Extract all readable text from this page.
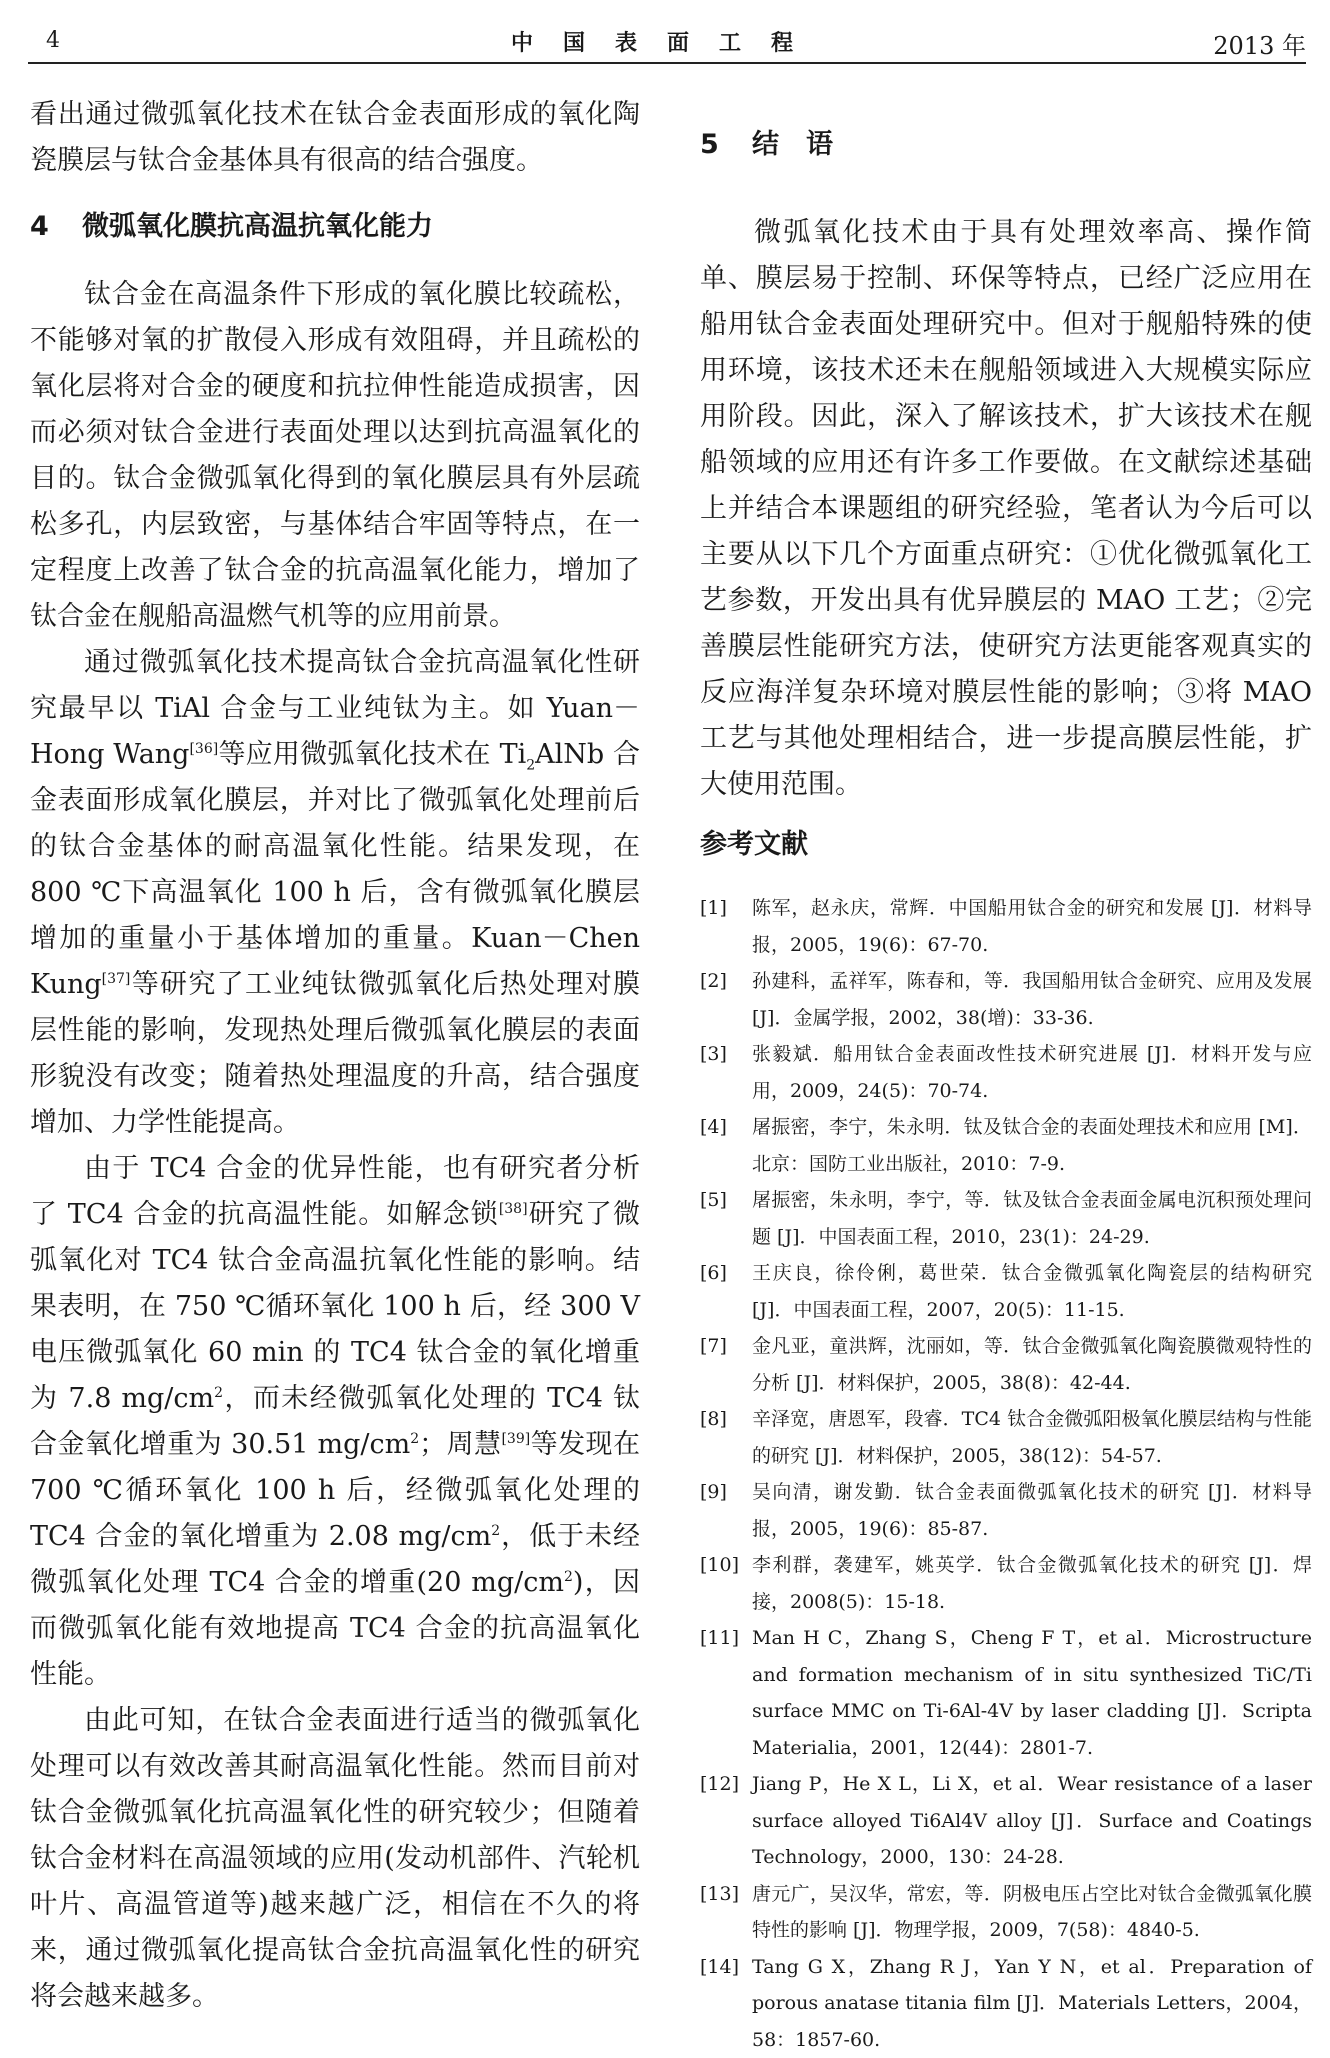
4	中国表面工程	2013 年

看出通过微弧氧化技术在钛合金表面形成的氧化陶瓷膜层与钛合金基体具有很高的结合强度。

4 微弧氧化膜抗高温抗氧化能力

钛合金在高温条件下形成的氧化膜比较疏松，不能够对氧的扩散侵入形成有效阻碍，并且疏松的氧化层将对合金的硬度和抗拉伸性能造成损害，因而必须对钛合金进行表面处理以达到抗高温氧化的目的。钛合金微弧氧化得到的氧化膜层具有外层疏松多孔，内层致密，与基体结合牢固等特点，在一定程度上改善了钛合金的抗高温氧化能力，增加了钛合金在舰船高温燃气机等的应用前景。

通过微弧氧化技术提高钛合金抗高温氧化性研究最早以 TiAl 合金与工业纯钛为主。如 Yuan－Hong Wang[36]等应用微弧氧化技术在 $Ti_2AlNb$ 合金表面形成氧化膜层，并对比了微弧氧化处理前后的钛合金基体的耐高温氧化性能。结果发现，在 800 ℃下高温氧化 100 h 后，含有微弧氧化膜层增加的重量小于基体增加的重量。Kuan－Chen Kung[37]等研究了工业纯钛微弧氧化后热处理对膜层性能的影响，发现热处理后微弧氧化膜层的表面形貌没有改变；随着热处理温度的升高，结合强度增加、力学性能提高。

由于 TC4 合金的优异性能，也有研究者分析了 TC4 合金的抗高温性能。如解念锁[38]研究了微弧氧化对 TC4 钛合金高温抗氧化性能的影响。结果表明，在 750 ℃循环氧化 100 h 后，经 300 V 电压微弧氧化 60 min 的 TC4 钛合金的氧化增重为 7.8 $mg/cm^2$，而未经微弧氧化处理的 TC4 钛合金氧化增重为 30.51 $mg/cm^2$；周慧[39]等发现在 700 ℃循环氧化 100 h 后，经微弧氧化处理的 TC4 合金的氧化增重为 2.08 $mg/cm^2$，低于未经微弧氧化处理 TC4 合金的增重(20 $mg/cm^2$)，因而微弧氧化能有效地提高 TC4 合金的抗高温氧化性能。

由此可知，在钛合金表面进行适当的微弧氧化处理可以有效改善其耐高温氧化性能。然而目前对钛合金微弧氧化抗高温氧化性的研究较少；但随着钛合金材料在高温领域的应用(发动机部件、汽轮机叶片、高温管道等)越来越广泛，相信在不久的将来，通过微弧氧化提高钛合金抗高温氧化性的研究将会越来越多。

5 结　语

微弧氧化技术由于具有处理效率高、操作简单、膜层易于控制、环保等特点，已经广泛应用在船用钛合金表面处理研究中。但对于舰船特殊的使用环境，该技术还未在舰船领域进入大规模实际应用阶段。因此，深入了解该技术，扩大该技术在舰船领域的应用还有许多工作要做。在文献综述基础上并结合本课题组的研究经验，笔者认为今后可以主要从以下几个方面重点研究：①优化微弧氧化工艺参数，开发出具有优异膜层的 MAO 工艺；②完善膜层性能研究方法，使研究方法更能客观真实的反应海洋复杂环境对膜层性能的影响；③将 MAO 工艺与其他处理相结合，进一步提高膜层性能，扩大使用范围。

参考文献
[1] 陈军，赵永庆，常辉．中国船用钛合金的研究和发展 [J]．材料导报，2005，19(6)：67-70.
[2] 孙建科，孟祥军，陈春和，等．我国船用钛合金研究、应用及发展 [J]．金属学报，2002，38(增)：33-36.
[3] 张毅斌．船用钛合金表面改性技术研究进展 [J]．材料开发与应用，2009，24(5)：70-74.
[4] 屠振密，李宁，朱永明．钛及钛合金的表面处理技术和应用 [M]．北京：国防工业出版社，2010：7-9.
[5] 屠振密，朱永明，李宁，等．钛及钛合金表面金属电沉积预处理问题 [J]．中国表面工程，2010，23(1)：24-29.
[6] 王庆良，徐伶俐，葛世荣．钛合金微弧氧化陶瓷层的结构研究 [J]．中国表面工程，2007，20(5)：11-15.
[7] 金凡亚，童洪辉，沈丽如，等．钛合金微弧氧化陶瓷膜微观特性的分析 [J]．材料保护，2005，38(8)：42-44.
[8] 辛泽宽，唐恩军，段睿．TC4 钛合金微弧阳极氧化膜层结构与性能的研究 [J]．材料保护，2005，38(12)：54-57.
[9] 吴向清，谢发勤．钛合金表面微弧氧化技术的研究 [J]．材料导报，2005，19(6)：85-87.
[10] 李利群，袭建军，姚英学．钛合金微弧氧化技术的研究 [J]．焊接，2008(5)：15-18.
[11] Man H C，Zhang S，Cheng F T，et al．Microstructure and formation mechanism of in situ synthesized TiC/Ti surface MMC on Ti-6Al-4V by laser cladding [J]．Scripta Materialia，2001，12(44)：2801-7.
[12] Jiang P，He X L，Li X，et al．Wear resistance of a laser surface alloyed Ti6Al4V alloy [J]．Surface and Coatings Technology，2000，130：24-28.
[13] 唐元广，吴汉华，常宏，等．阴极电压占空比对钛合金微弧氧化膜特性的影响 [J]．物理学报，2009，7(58)：4840-5.
[14] Tang G X，Zhang R J，Yan Y N，et al．Preparation of porous anatase titania film [J]．Materials Letters，2004，58：1857-60.
